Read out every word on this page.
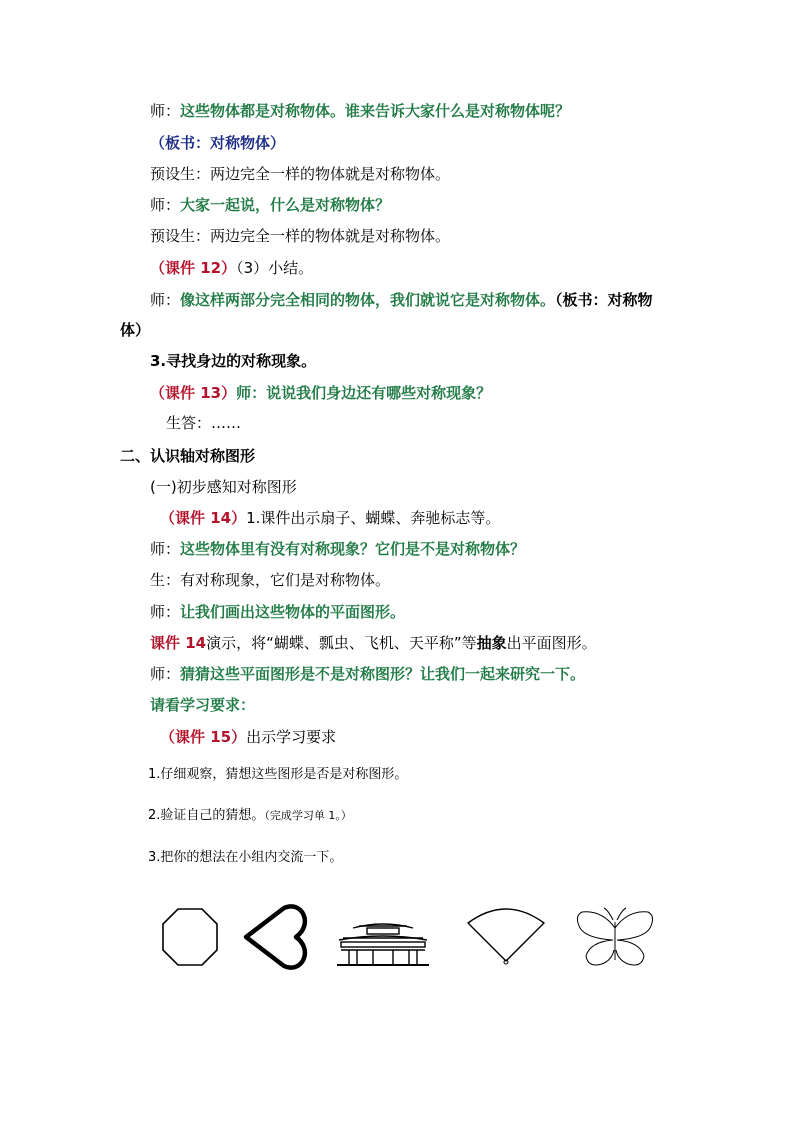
师：这些物体都是对称物体。谁来告诉大家什么是对称物体呢？
（板书：对称物体）
预设生：两边完全一样的物体就是对称物体。
师：大家一起说，什么是对称物体？
预设生：两边完全一样的物体就是对称物体。
（课件 12）（3）小结。
师：像这样两部分完全相同的物体，我们就说它是对称物体。（板书：对称物
体）
3.寻找身边的对称现象。
（课件 13）师：说说我们身边还有哪些对称现象？
生答：……
二、认识轴对称图形
(一)初步感知对称图形
（课件 14）1.课件出示扇子、蝴蝶、奔驰标志等。
师：这些物体里有没有对称现象？它们是不是对称物体？
生：有对称现象，它们是对称物体。
师：让我们画出这些物体的平面图形。
课件 14演示，将“蝴蝶、瓢虫、飞机、天平称”等抽象出平面图形。
师：猜猜这些平面图形是不是对称图形？让我们一起来研究一下。
请看学习要求：
（课件 15）出示学习要求
1.仔细观察，猜想这些图形是否是对称图形。
2.验证自己的猜想。（完成学习单 1。）
3.把你的想法在小组内交流一下。
